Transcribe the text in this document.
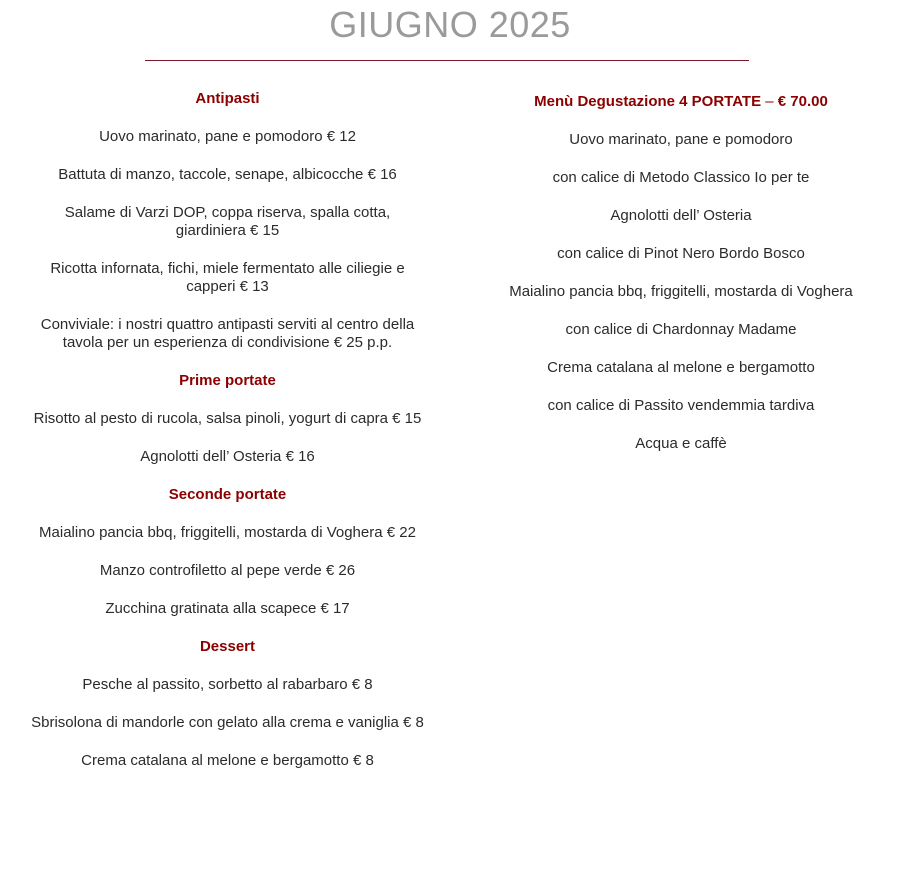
GIUGNO 2025
Antipasti
Uovo marinato, pane e pomodoro € 12
Battuta di manzo, taccole, senape, albicocche € 16
Salame di Varzi DOP, coppa riserva, spalla cotta, giardiniera € 15
Ricotta infornata, fichi, miele fermentato alle ciliegie e capperi € 13
Conviviale: i nostri quattro antipasti serviti al centro della tavola per un esperienza di condivisione € 25 p.p.
Prime portate
Risotto al pesto di rucola, salsa pinoli, yogurt di capra € 15
Agnolotti dell’ Osteria € 16
Seconde portate
Maialino pancia bbq, friggitelli, mostarda di Voghera € 22
Manzo controfiletto al pepe verde € 26
Zucchina gratinata alla scapece € 17
Dessert
Pesche al passito, sorbetto al rabarbaro € 8
Sbrisolona di mandorle con gelato alla crema e vaniglia € 8
Crema catalana al melone e bergamotto € 8
Menù Degustazione 4 PORTATE – € 70.00
Uovo marinato, pane e pomodoro
con calice di Metodo Classico Io per te
Agnolotti dell’ Osteria
con calice di Pinot Nero Bordo Bosco
Maialino pancia bbq, friggitelli, mostarda di Voghera
con calice di Chardonnay Madame
Crema catalana al melone e bergamotto
con calice di Passito vendemmia tardiva
Acqua e caffè
